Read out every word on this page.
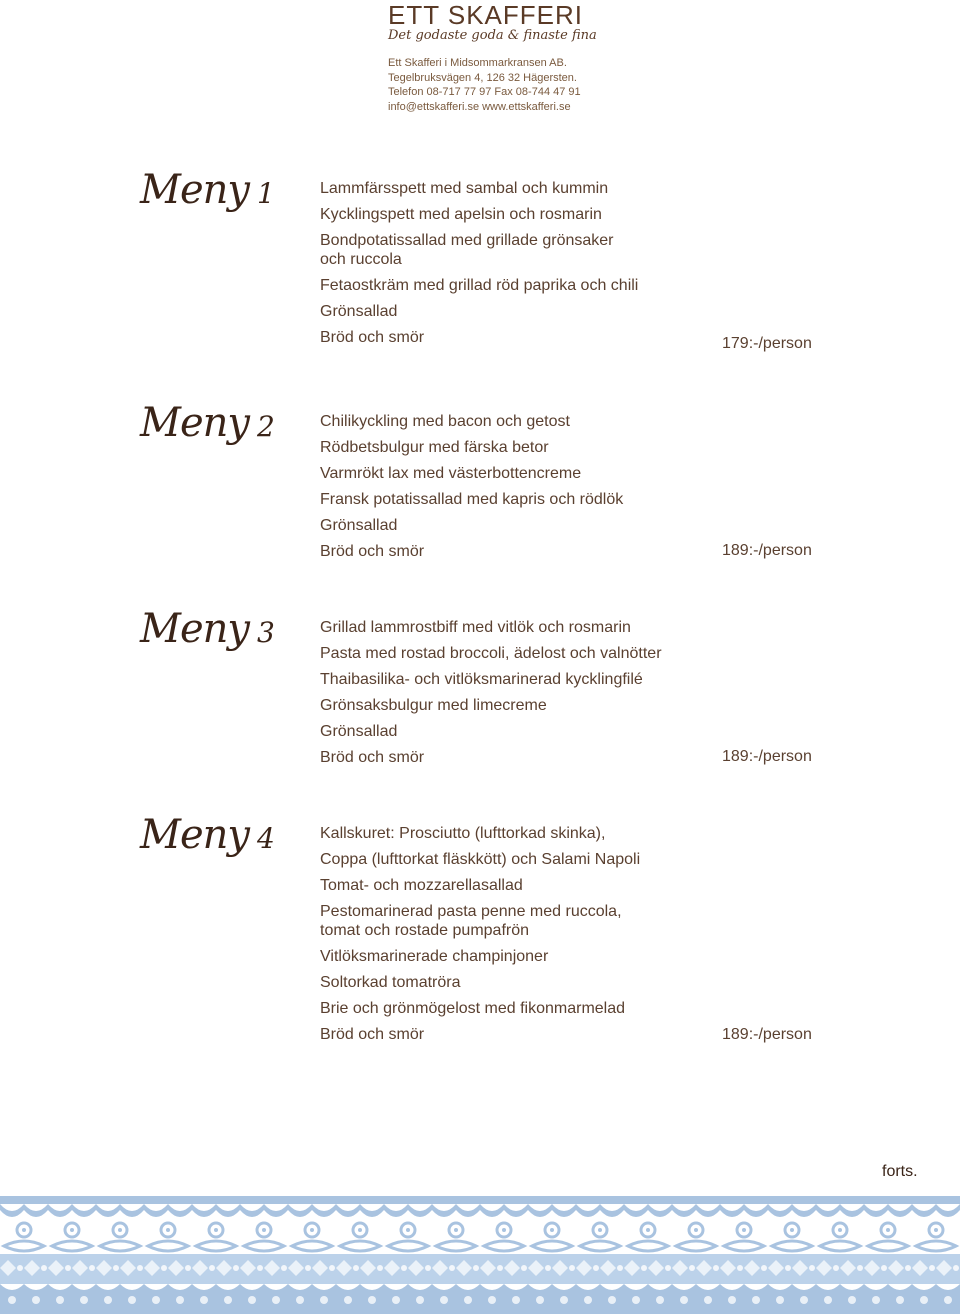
ETT SKAFFERI
Det godaste goda & finaste fina
Ett Skafferi i Midsommarkransen AB.
Tegelbruksvägen 4, 126 32 Hägersten.
Telefon 08-717 77 97 Fax 08-744 47 91
info@ettskafferi.se www.ettskafferi.se
Meny 1	Lammfärsspett med sambal och kummin
Kycklingspett med apelsin och rosmarin
Bondpotatissallad med grillade grönsaker
och ruccola
Fetaostkräm med grillad röd paprika och chili
Grönsallad
Bröd och smör	179:-/person
Meny 2	Chilikyckling med bacon och getost
Rödbetsbulgur med färska betor
Varmrökt lax med västerbottencreme
Fransk potatissallad med kapris och rödlök
Grönsallad
Bröd och smör	189:-/person
Meny 3	Grillad lammrostbiff med vitlök och rosmarin
Pasta med rostad broccoli, ädelost och valnötter
Thaibasilika- och vitlöksmarinerad kycklingfilé
Grönsaksbulgur med limecreme
Grönsallad
Bröd och smör	189:-/person
Meny 4	Kallskuret: Prosciutto (lufttorkad skinka),
Coppa (lufttorkat fläskkött) och Salami Napoli
Tomat- och mozzarellasallad
Pestomarinerad pasta penne med ruccola,
tomat och rostade pumpafrön
Vitlöksmarinerade champinjoner
Soltorkad tomatröra
Brie och grönmögelost med fikonmarmelad
Bröd och smör	189:-/person
forts.
